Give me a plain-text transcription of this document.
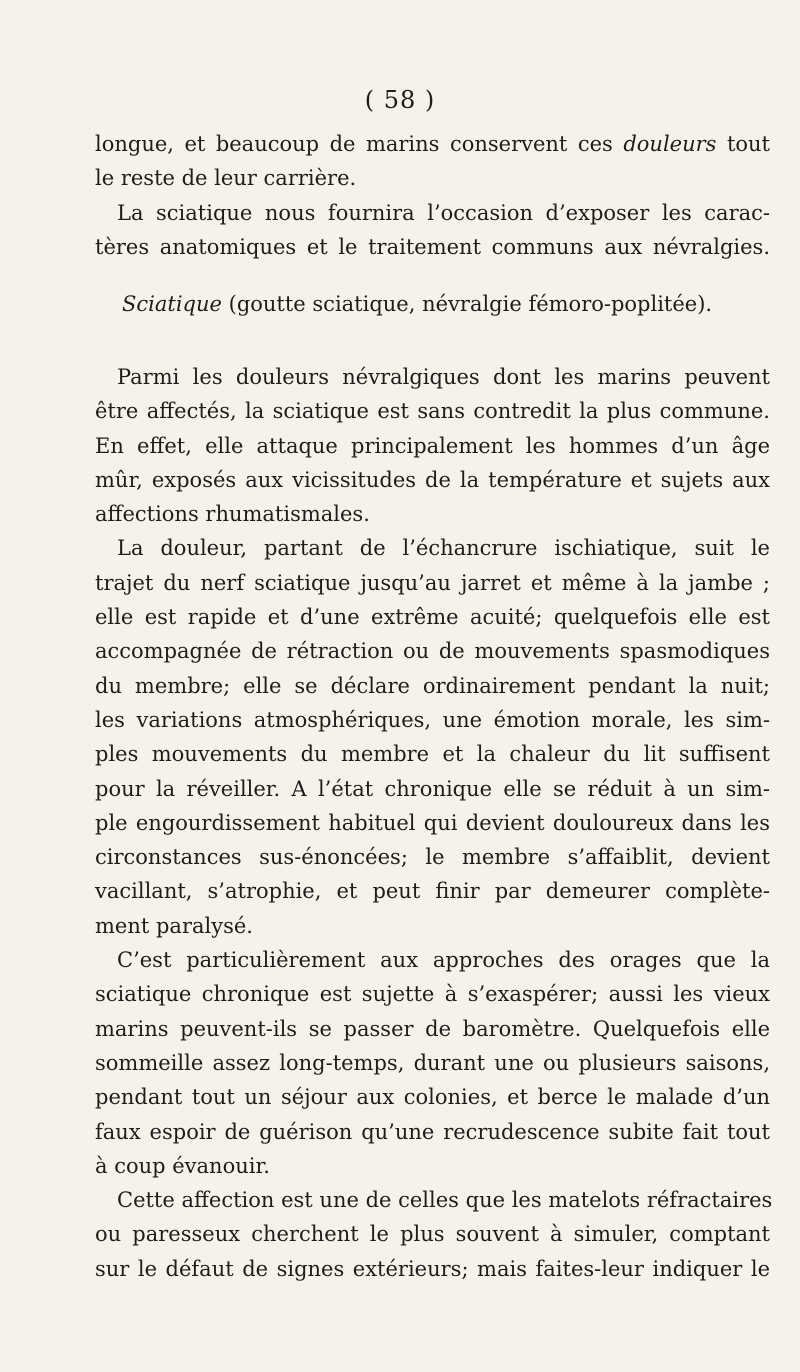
( 58 )
longue, et beaucoup de marins conservent ces douleurs tout
le reste de leur carrière.
La sciatique nous fournira l’occasion d’exposer les carac-
tères anatomiques et le traitement communs aux névralgies.
Sciatique (goutte sciatique, névralgie fémoro-poplitée).
Parmi les douleurs névralgiques dont les marins peuvent
être affectés, la sciatique est sans contredit la plus commune.
En effet, elle attaque principalement les hommes d’un âge
mûr, exposés aux vicissitudes de la température et sujets aux
affections rhumatismales.
La douleur, partant de l’échancrure ischiatique, suit le
trajet du nerf sciatique jusqu’au jarret et même à la jambe ;
elle est rapide et d’une extrême acuité; quelquefois elle est
accompagnée de rétraction ou de mouvements spasmodiques
du membre; elle se déclare ordinairement pendant la nuit;
les variations atmosphériques, une émotion morale, les sim-
ples mouvements du membre et la chaleur du lit suffisent
pour la réveiller. A l’état chronique elle se réduit à un sim-
ple engourdissement habituel qui devient douloureux dans les
circonstances sus-énoncées; le membre s’affaiblit, devient
vacillant, s’atrophie, et peut finir par demeurer complète-
ment paralysé.
C’est particulièrement aux approches des orages que la
sciatique chronique est sujette à s’exaspérer; aussi les vieux
marins peuvent-ils se passer de baromètre. Quelquefois elle
sommeille assez long-temps, durant une ou plusieurs saisons,
pendant tout un séjour aux colonies, et berce le malade d’un
faux espoir de guérison qu’une recrudescence subite fait tout
à coup évanouir.
Cette affection est une de celles que les matelots réfractaires
ou paresseux cherchent le plus souvent à simuler, comptant
sur le défaut de signes extérieurs; mais faites-leur indiquer le
